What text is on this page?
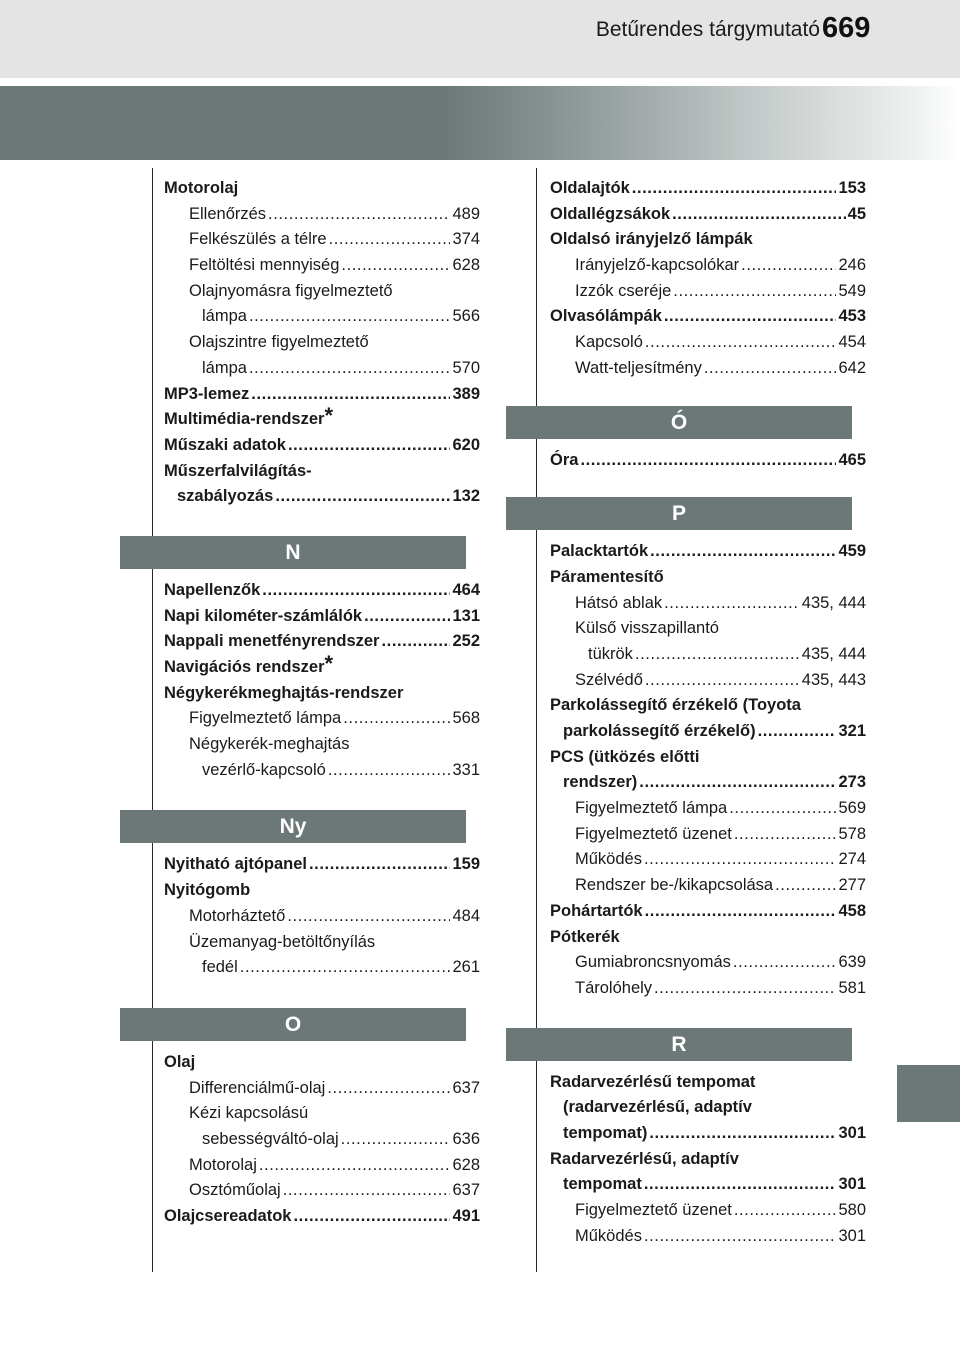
Betűrendes tárgymutató 669
Motorolaj
Ellenőrzés . . .	489
Felkészülés a télre . . .	374
Feltöltési mennyiség . . .	628
Olajnyomásra figyelmeztető
lámpa . . .	566
Olajszintre figyelmeztető
lámpa . . .	570
MP3-lemez . . .	389
Multimédia-rendszer*
Műszaki adatok . . .	620
Műszerfalvilágítás-
szabályozás . . .	132
N
Napellenzők . . .	464
Napi kilométer-számlálók . . .	131
Nappali menetfényrendszer . . .	252
Navigációs rendszer*
Négykerékmeghajtás-rendszer
Figyelmeztető lámpa . . .	568
Négykerék-meghajtás
vezérlő-kapcsoló . . .	331
Ny
Nyitható ajtópanel . . .	159
Nyitógomb
Motorháztető . . .	484
Üzemanyag-betöltőnyílás
fedél . . .	261
O
Olaj
Differenciálmű-olaj . . .	637
Kézi kapcsolású
sebességváltó-olaj . . .	636
Motorolaj . . .	628
Osztóműolaj . . .	637
Olajcsereadatok . . .	491
Oldalajtók . . .	153
Oldallégzsákok . . .	45
Oldalsó irányjelző lámpák
Irányjelző-kapcsolókar . . .	246
Izzók cseréje . . .	549
Olvasólámpák . . .	453
Kapcsoló . . .	454
Watt-teljesítmény . . .	642
Ó
Óra . . .	465
P
Palacktartók . . .	459
Páramentesítő
Hátsó ablak . . .	435, 444
Külső visszapillantó
tükrök . . .	435, 444
Szélvédő . . .	435, 443
Parkolássegítő érzékelő (Toyota
parkolássegítő érzékelő) . . .	321
PCS (ütközés előtti
rendszer) . . .	273
Figyelmeztető lámpa . . .	569
Figyelmeztető üzenet . . .	578
Működés . . .	274
Rendszer be-/kikapcsolása . . .	277
Pohártartók . . .	458
Pótkerék
Gumiabroncsnyomás . . .	639
Tárolóhely . . .	581
R
Radarvezérlésű tempomat
(radarvezérlésű, adaptív
tempomat) . . .	301
Radarvezérlésű, adaptív
tempomat . . .	301
Figyelmeztető üzenet . . .	580
Működés . . .	301
